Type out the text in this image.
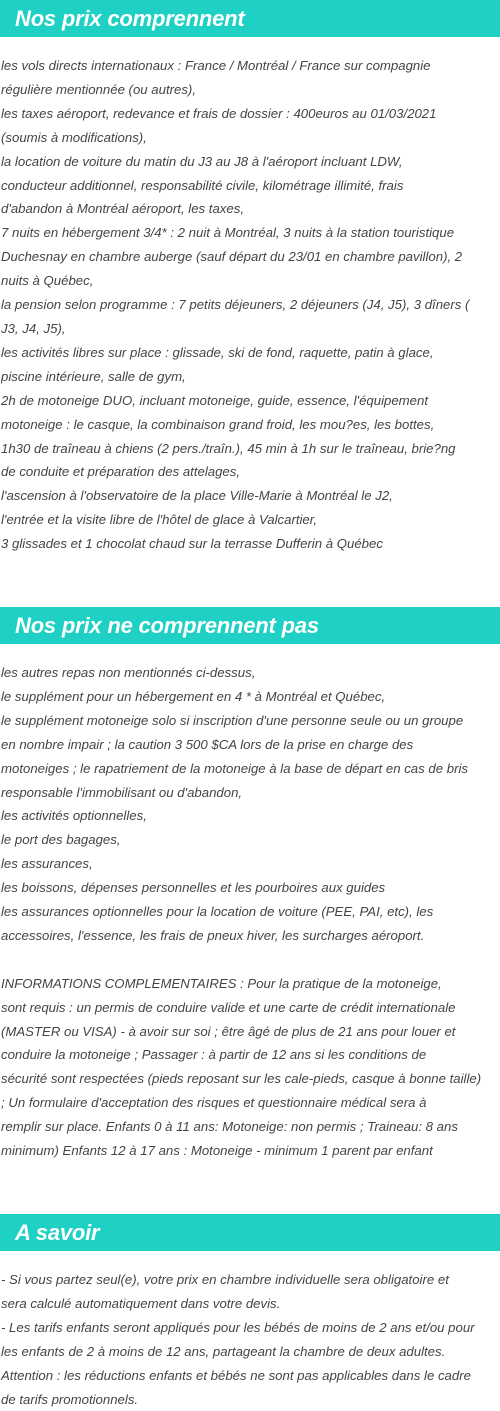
Nos prix comprennent

les vols directs internationaux : France / Montréal / France sur compagnie

régulière mentionnée (ou autres),

les taxes aéroport, redevance et frais de dossier : 400euros au 01/03/2021

(soumis à modifications),

la location de voiture du matin du J3 au J8 à l'aéroport incluant LDW,

conducteur additionnel, responsabilité civile, kilométrage illimité, frais

d'abandon à Montréal aéroport, les taxes,

7 nuits en hébergement 3/4* : 2 nuit à Montréal, 3 nuits à la station touristique

Duchesnay en chambre auberge (sauf départ du 23/01 en chambre pavillon), 2

nuits à Québec,

la pension selon programme : 7 petits déjeuners, 2 déjeuners (J4, J5), 3 dîners (

J3, J4, J5),

les activités libres sur place : glissade, ski de fond, raquette, patin à glace,

piscine intérieure, salle de gym,

2h de motoneige DUO, incluant motoneige, guide, essence, l'équipement

motoneige : le casque, la combinaison grand froid, les mou?es, les bottes,

1h30 de traîneau à chiens (2 pers./traîn.), 45 min à 1h sur le traîneau, brie?ng

de conduite et préparation des attelages,

l'ascension à l'observatoire de la place Ville-Marie à Montréal le J2,

l'entrée et la visite libre de l'hôtel de glace à Valcartier,

3 glissades et 1 chocolat chaud sur la terrasse Dufferin à Québec

Nos prix ne comprennent pas

les autres repas non mentionnés ci-dessus,

le supplément pour un hébergement en 4 * à Montréal et Québec,

le supplément motoneige solo si inscription d'une personne seule ou un groupe

en nombre impair ; la caution 3 500 $CA lors de la prise en charge des

motoneiges ; le rapatriement de la motoneige à la base de départ en cas de bris

responsable l'immobilisant ou d'abandon,

les activités optionnelles,

le port des bagages,

les assurances,

les boissons, dépenses personnelles et les pourboires aux guides

les assurances optionnelles pour la location de voiture (PEE, PAI, etc), les

accessoires, l'essence, les frais de pneux hiver, les surcharges aéroport.

INFORMATIONS COMPLEMENTAIRES : Pour la pratique de la motoneige,

sont requis : un permis de conduire valide et une carte de crédit internationale

(MASTER ou VISA) - à avoir sur soi ; être âgé de plus de 21 ans pour louer et

conduire la motoneige ; Passager : à partir de 12 ans si les conditions de

sécurité sont respectées (pieds reposant sur les cale-pieds, casque à bonne taille)

; Un formulaire d'acceptation des risques et questionnaire médical sera à

remplir sur place. Enfants 0 à 11 ans: Motoneige: non permis ; Traineau: 8 ans

minimum) Enfants 12 à 17 ans : Motoneige - minimum 1 parent par enfant

A savoir

- Si vous partez seul(e), votre prix en chambre individuelle sera obligatoire et

sera calculé automatiquement dans votre devis.

- Les tarifs enfants seront appliqués pour les bébés de moins de 2 ans et/ou pour

les enfants de 2 à moins de 12 ans, partageant la chambre de deux adultes.

Attention : les réductions enfants et bébés ne sont pas applicables dans le cadre

de tarifs promotionnels.
